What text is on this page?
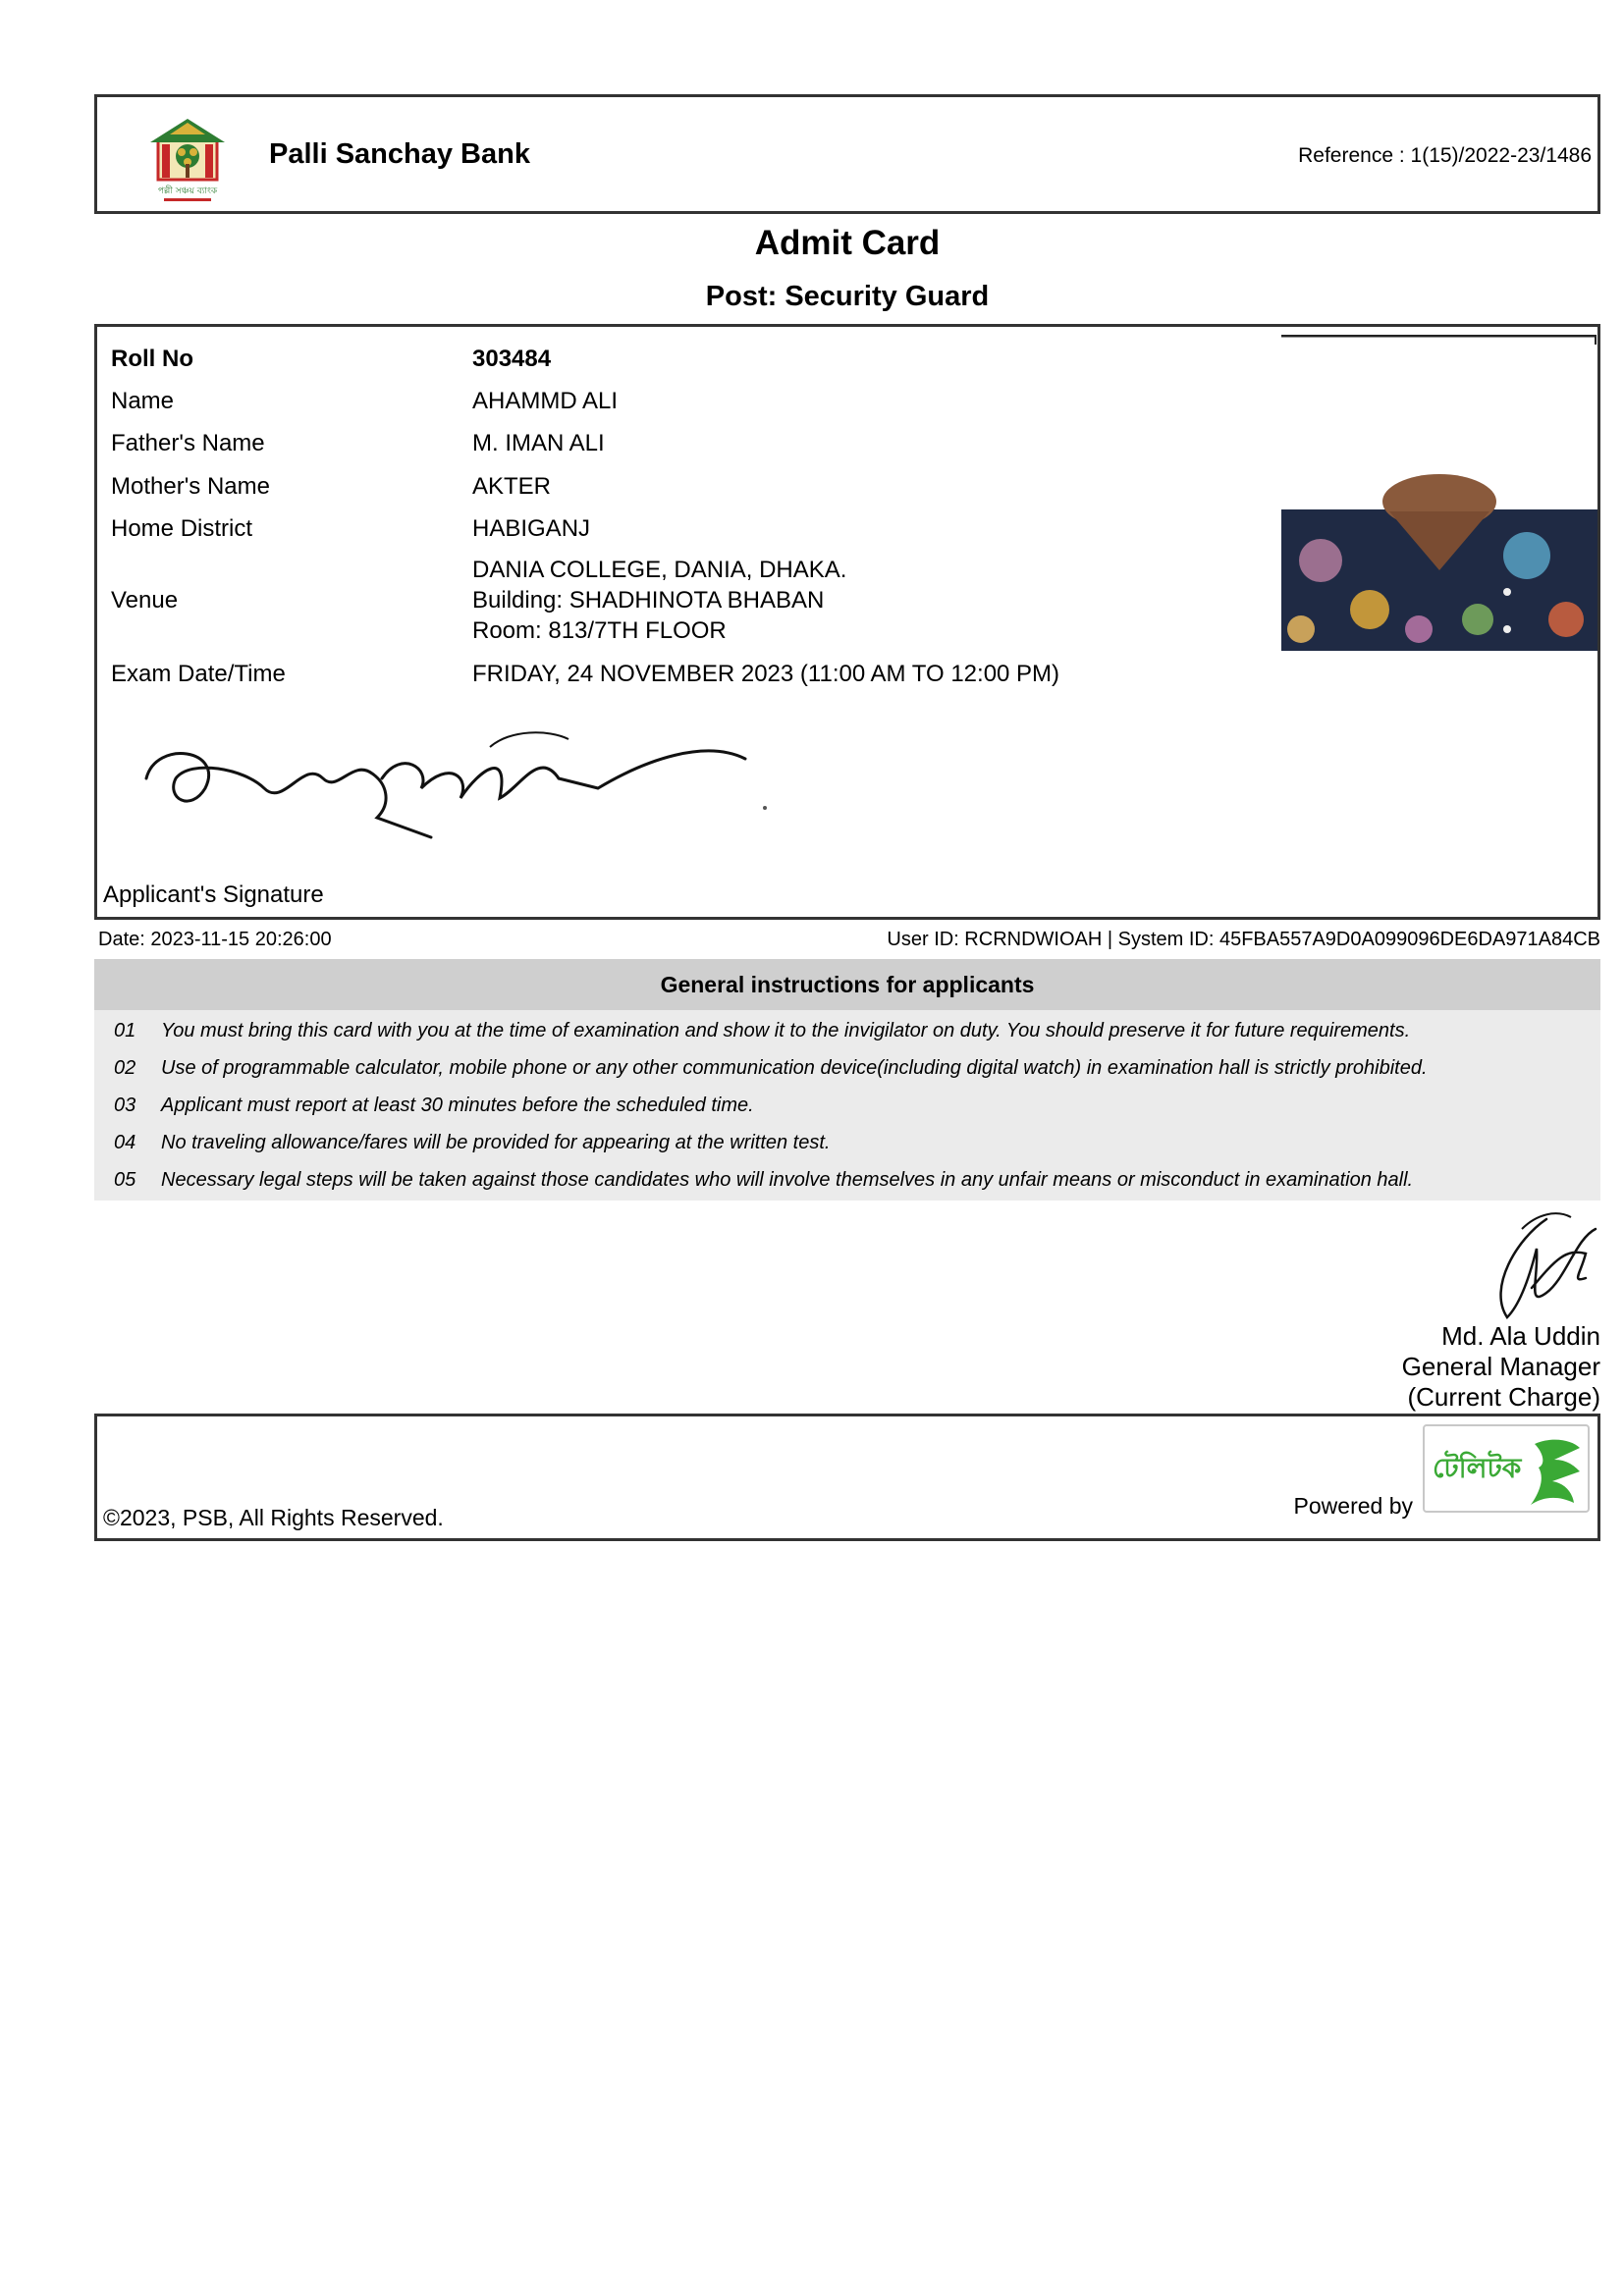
পল্লী সঞ্চয় ব্যাংক
Palli Sanchay Bank	Reference : 1(15)/2022-23/1486
Admit Card
Post: Security Guard
Roll No	303484
Name	AHAMMD ALI
Father's Name	M. IMAN ALI
Mother's Name	AKTER
Home District	HABIGANJ
DANIA COLLEGE, DANIA, DHAKA.
Venue	Building: SHADHINOTA BHABAN
Room: 813/7TH FLOOR
Exam Date/Time	FRIDAY, 24 NOVEMBER 2023 (11:00 AM TO 12:00 PM)
Applicant's Signature
Date: 2023-11-15 20:26:00	User ID: RCRNDWIOAH | System ID: 45FBA557A9D0A099096DE6DA971A84CB
General instructions for applicants
01 You must bring this card with you at the time of examination and show it to the invigilator on duty. You should preserve it for future requirements.
02 Use of programmable calculator, mobile phone or any other communication device(including digital watch) in examination hall is strictly prohibited.
03 Applicant must report at least 30 minutes before the scheduled time.
04 No traveling allowance/fares will be provided for appearing at the written test.
05 Necessary legal steps will be taken against those candidates who will involve themselves in any unfair means or misconduct in examination hall.
Md. Ala Uddin
General Manager
(Current Charge)
©2023, PSB, All Rights Reserved.	Powered by
টেলিটক
